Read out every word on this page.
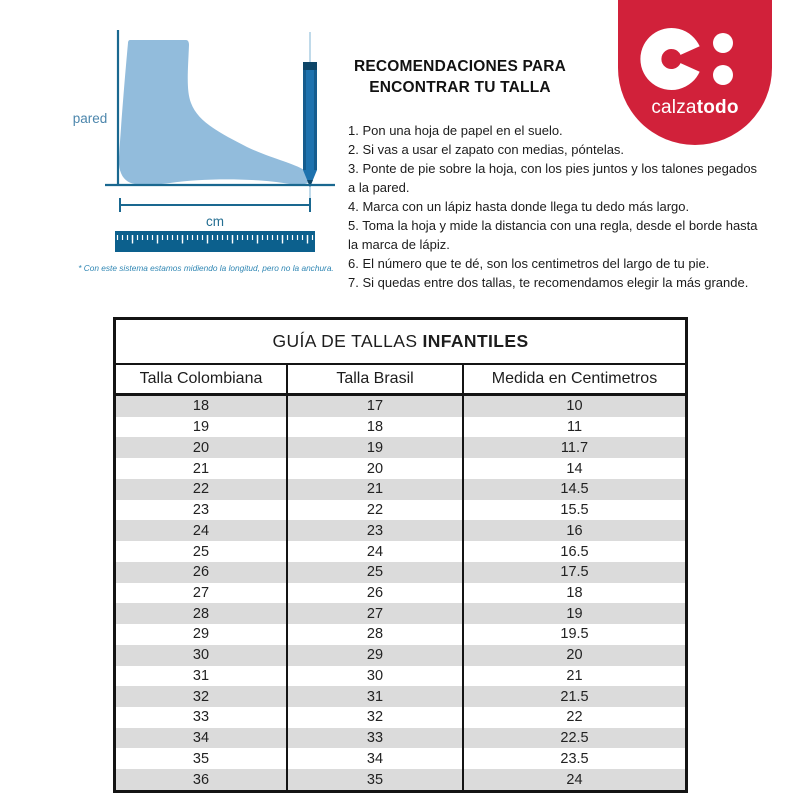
pared
cm
* Con este sistema estamos midiendo la longitud, pero no la anchura.
RECOMENDACIONES PARA
ENCONTRAR TU TALLA
1. Pon una hoja de papel en el suelo.
2. Si vas a usar el zapato con medias, póntelas.
3. Ponte de pie sobre la hoja, con los pies juntos y los talones pegados
a la pared.
4. Marca con un lápiz hasta donde llega tu dedo más largo.
5. Toma la hoja y mide la distancia con una regla, desde el borde hasta
la marca de lápiz.
6. El número que te dé, son los centimetros del largo de tu pie.
7. Si quedas entre dos tallas, te recomendamos elegir la más grande.
calzatodo
GUÍA DE TALLAS INFANTILES
Talla Colombiana	Talla Brasil	Medida en Centimetros
18	17	10
19	18	11
20	19	11.7
21	20	14
22	21	14.5
23	22	15.5
24	23	16
25	24	16.5
26	25	17.5
27	26	18
28	27	19
29	28	19.5
30	29	20
31	30	21
32	31	21.5
33	32	22
34	33	22.5
35	34	23.5
36	35	24
